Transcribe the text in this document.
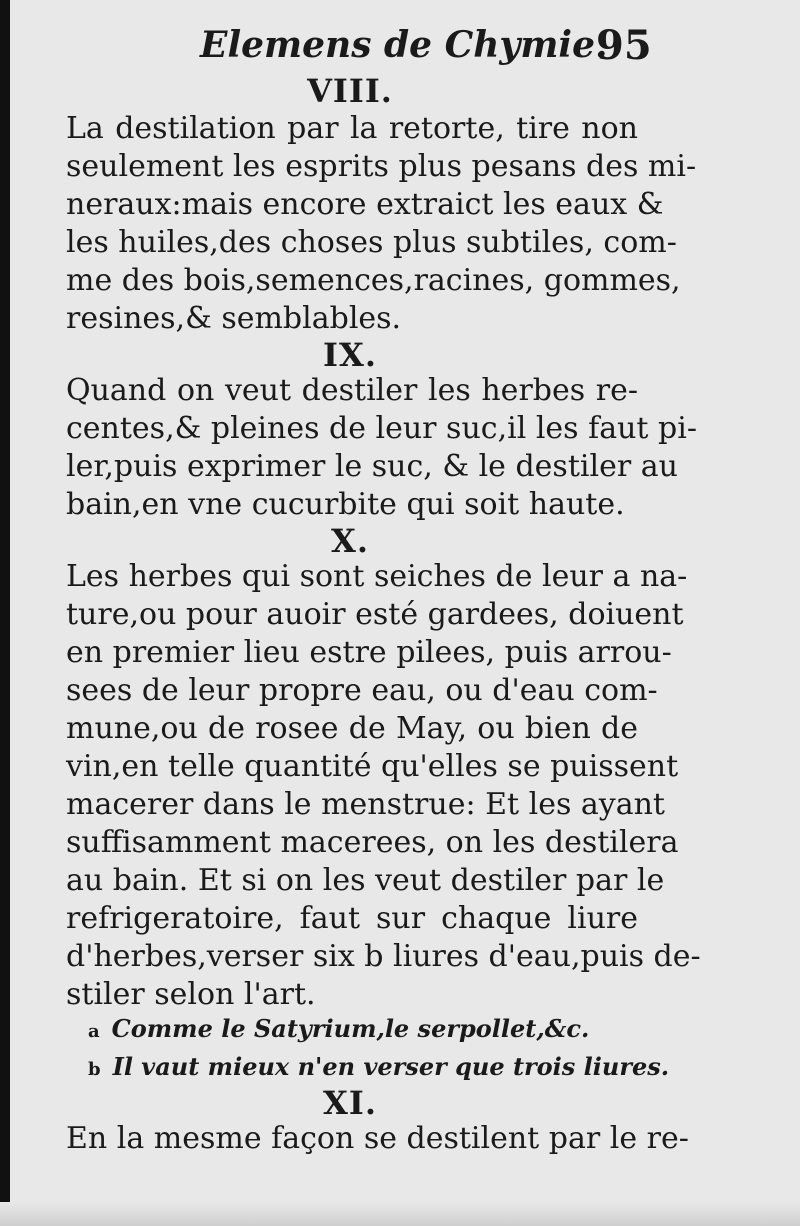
Elemens de Chymie.
95
VIII.
La destilation par la retorte, tire non
seulement les esprits plus pesans des mi-
neraux:mais encore extraict les eaux &
les huiles,des choses plus subtiles, com-
me des bois,semences,racines, gommes,
resines,& semblables.
IX.
Quand on veut destiler les herbes re-
centes,& pleines de leur suc,il les faut pi-
ler,puis exprimer le suc, & le destiler au
bain,en vne cucurbite qui soit haute.
X.
Les herbes qui sont seiches de leur a na-
ture,ou pour auoir esté gardees, doiuent
en premier lieu estre pilees, puis arrou-
sees de leur propre eau, ou d'eau com-
mune,ou de rosee de May, ou bien de
vin,en telle quantité qu'elles se puissent
macerer dans le menstrue: Et les ayant
suffisamment macerees, on les destilera
au bain. Et si on les veut destiler par le
refrigeratoire, faut sur chaque liure
d'herbes,verser six b liures d'eau,puis de-
stiler selon l'art.
a Comme le Satyrium,le serpollet,&c.
b Il vaut mieux n'en verser que trois liures.
XI.
En la mesme façon se destilent par le re-
